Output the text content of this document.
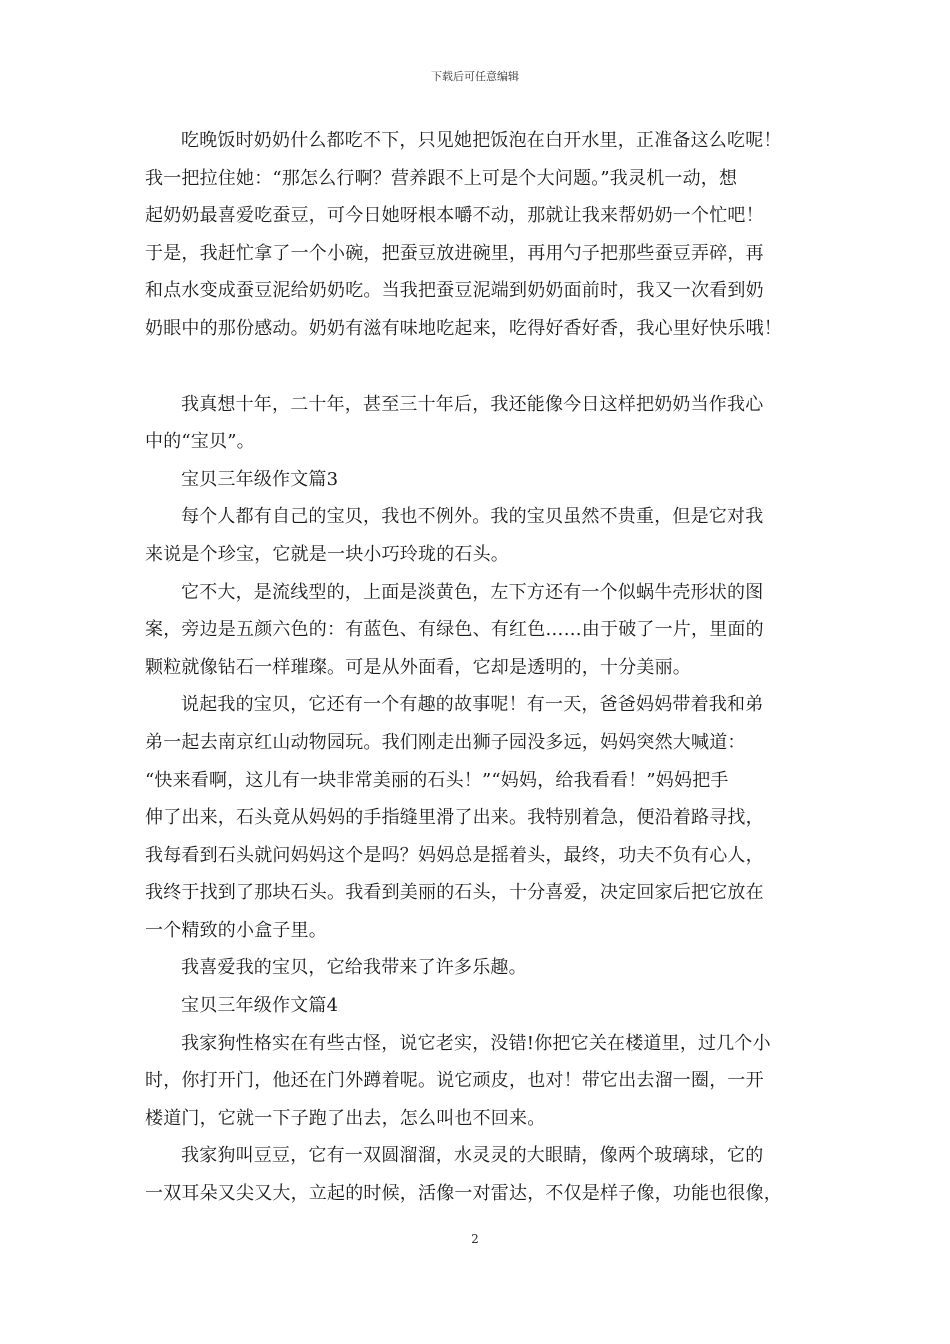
下载后可任意编辑
吃晚饭时奶奶什么都吃不下，只见她把饭泡在白开水里，正准备这么吃呢！
我一把拉住她：“那怎么行啊？营养跟不上可是个大问题。”我灵机一动，想
起奶奶最喜爱吃蚕豆，可今日她呀根本嚼不动，那就让我来帮奶奶一个忙吧！
于是，我赶忙拿了一个小碗，把蚕豆放进碗里，再用勺子把那些蚕豆弄碎，再
和点水变成蚕豆泥给奶奶吃。当我把蚕豆泥端到奶奶面前时，我又一次看到奶
奶眼中的那份感动。奶奶有滋有味地吃起来，吃得好香好香，我心里好快乐哦！
我真想十年，二十年，甚至三十年后，我还能像今日这样把奶奶当作我心
中的“宝贝”。
宝贝三年级作文篇3
每个人都有自己的宝贝，我也不例外。我的宝贝虽然不贵重，但是它对我
来说是个珍宝，它就是一块小巧玲珑的石头。
它不大，是流线型的，上面是淡黄色，左下方还有一个似蜗牛壳形状的图
案，旁边是五颜六色的：有蓝色、有绿色、有红色……由于破了一片，里面的
颗粒就像钻石一样璀璨。可是从外面看，它却是透明的，十分美丽。
说起我的宝贝，它还有一个有趣的故事呢！有一天，爸爸妈妈带着我和弟
弟一起去南京红山动物园玩。我们刚走出狮子园没多远，妈妈突然大喊道：
“快来看啊，这儿有一块非常美丽的石头！”“妈妈，给我看看！”妈妈把手
伸了出来，石头竟从妈妈的手指缝里滑了出来。我特别着急，便沿着路寻找，
我每看到石头就问妈妈这个是吗？妈妈总是摇着头，最终，功夫不负有心人，
我终于找到了那块石头。我看到美丽的石头，十分喜爱，决定回家后把它放在
一个精致的小盒子里。
我喜爱我的宝贝，它给我带来了许多乐趣。
宝贝三年级作文篇4
我家狗性格实在有些古怪，说它老实，没错!你把它关在楼道里，过几个小
时，你打开门，他还在门外蹲着呢。说它顽皮，也对！带它出去溜一圈，一开
楼道门，它就一下子跑了出去，怎么叫也不回来。
我家狗叫豆豆，它有一双圆溜溜，水灵灵的大眼睛，像两个玻璃球，它的
一双耳朵又尖又大，立起的时候，活像一对雷达，不仅是样子像，功能也很像，
2
